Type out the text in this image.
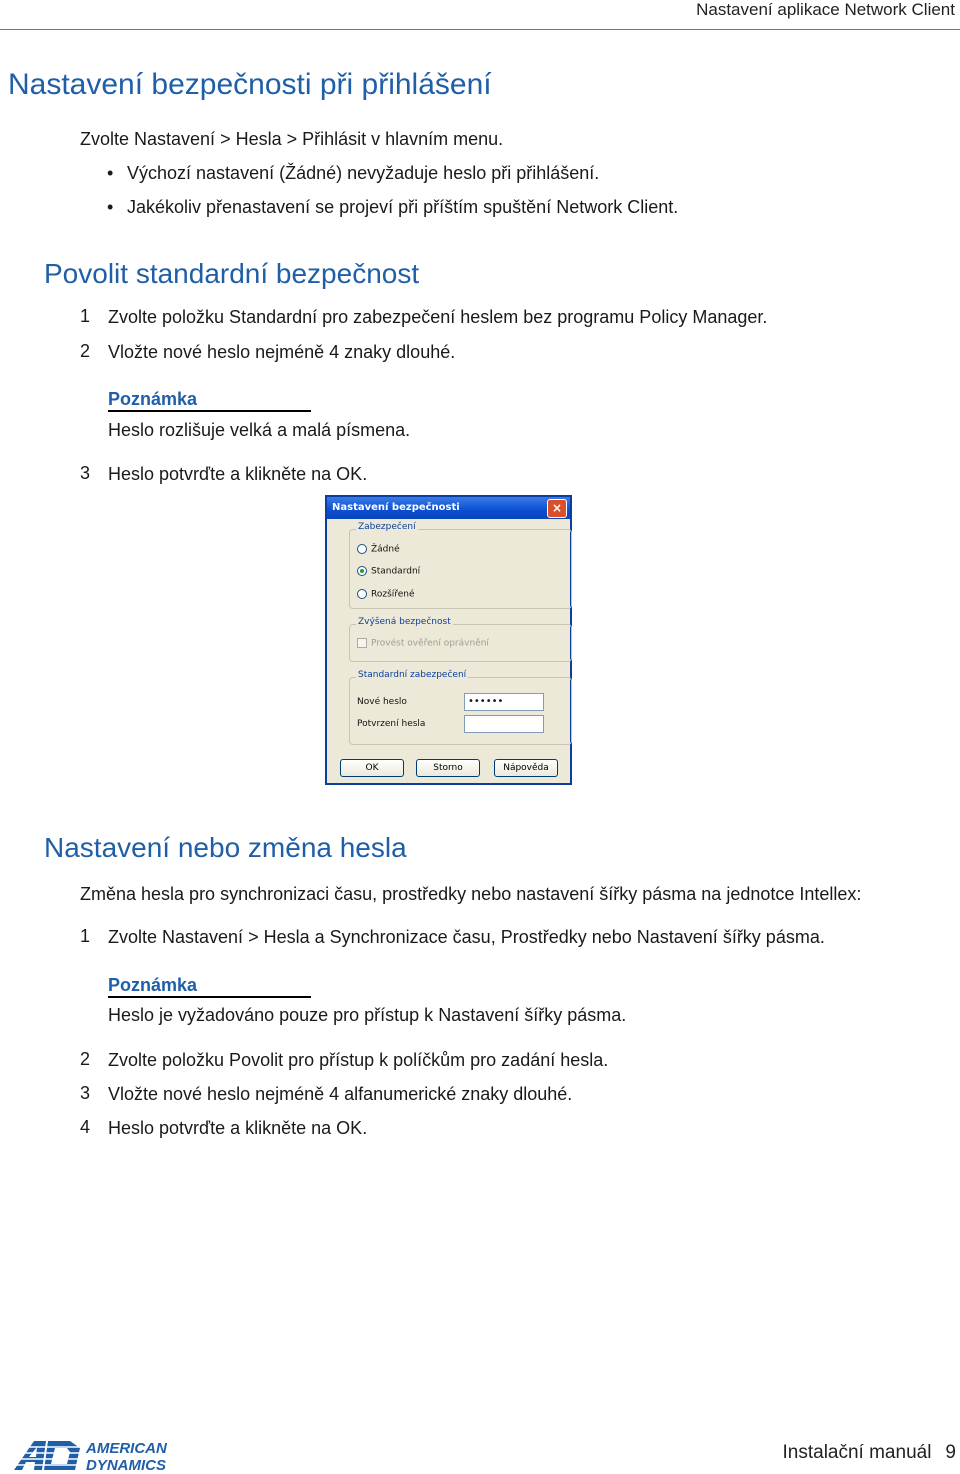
Nastavení aplikace Network Client
Nastavení bezpečnosti při přihlášení
Zvolte Nastavení > Hesla > Přihlásit v hlavním menu.
• Výchozí nastavení (Žádné) nevyžaduje heslo při přihlášení.
• Jakékoliv přenastavení se projeví při příštím spuštění Network Client.
Povolit standardní bezpečnost
1 Zvolte položku Standardní pro zabezpečení heslem bez programu Policy Manager.
2 Vložte nové heslo nejméně 4 znaky dlouhé.
Poznámka
Heslo rozlišuje velká a malá písmena.
3 Heslo potvrďte a klikněte na OK.
Nastavení bezpečnosti	×
Zabezpečení
Žádné
Standardní
Rozšířené
Zvýšená bezpečnost
Provést ověření oprávnění
Standardní zabezpečení
Nové heslo	••••••
Potvrzení hesla
OK	Storno	Nápověda
Nastavení nebo změna hesla
Změna hesla pro synchronizaci času, prostředky nebo nastavení šířky pásma na jednotce Intellex:
1 Zvolte Nastavení > Hesla a Synchronizace času, Prostředky nebo Nastavení šířky pásma.
Poznámka
Heslo je vyžadováno pouze pro přístup k Nastavení šířky pásma.
2 Zvolte položku Povolit pro přístup k políčkům pro zadání hesla.
3 Vložte nové heslo nejméně 4 alfanumerické znaky dlouhé.
4 Heslo potvrďte a klikněte na OK.
AMERICAN
DYNAMICS
Instalační manuál 9
